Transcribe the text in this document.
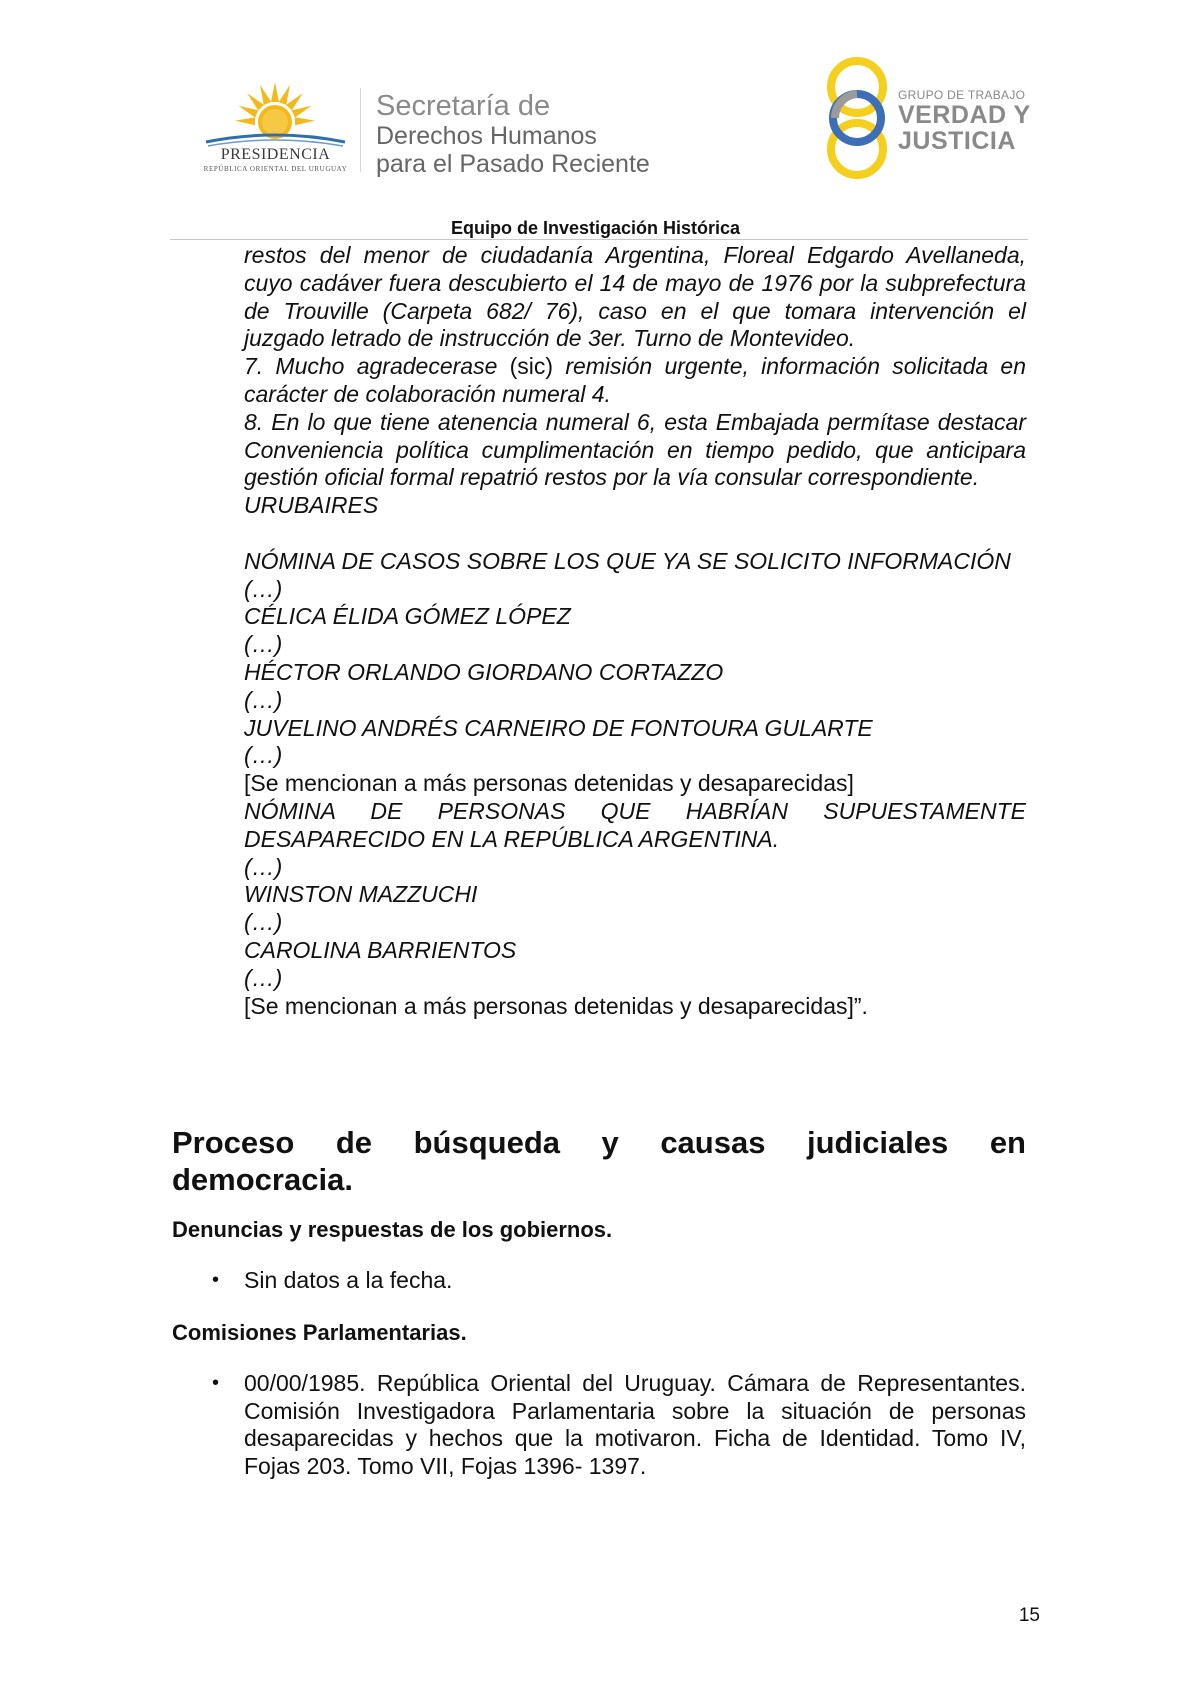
PRESIDENCIA
REPÚBLICA ORIENTAL DEL URUGUAY
Secretaría de
Derechos Humanos
para el Pasado Reciente
GRUPO DE TRABAJO
VERDAD Y
JUSTICIA
Equipo de Investigación Histórica

restos del menor de ciudadanía Argentina, Floreal Edgardo Avellaneda, cuyo cadáver fuera descubierto el 14 de mayo de 1976 por la subprefectura de Trouville (Carpeta 682/ 76), caso en el que tomara intervención el juzgado letrado de instrucción de 3er. Turno de Montevideo.

7. Mucho agradecerase (sic) remisión urgente, información solicitada en carácter de colaboración numeral 4.

8. En lo que tiene atenencia numeral 6, esta Embajada permítase destacar Conveniencia política cumplimentación en tiempo pedido, que anticipara gestión oficial formal repatrió restos por la vía consular correspondiente.

URUBAIRES

NÓMINA DE CASOS SOBRE LOS QUE YA SE SOLICITO INFORMACIÓN

(…)

CÉLICA ÉLIDA GÓMEZ LÓPEZ

(…)

HÉCTOR ORLANDO GIORDANO CORTAZZO

(…)

JUVELINO ANDRÉS CARNEIRO DE FONTOURA GULARTE

(…)

[Se mencionan a más personas detenidas y desaparecidas]

NÓMINA DE PERSONAS QUE HABRÍAN SUPUESTAMENTE DESAPARECIDO EN LA REPÚBLICA ARGENTINA.

(…)

WINSTON MAZZUCHI

(…)

CAROLINA BARRIENTOS

(…)

[Se mencionan a más personas detenidas y desaparecidas]”.

Proceso de búsqueda y causas judiciales en
democracia.
Denuncias y respuestas de los gobiernos.
• Sin datos a la fecha.
Comisiones Parlamentarias.
• 00/00/1985. República Oriental del Uruguay. Cámara de Representantes. Comisión Investigadora Parlamentaria sobre la situación de personas desaparecidas y hechos que la motivaron. Ficha de Identidad. Tomo IV, Fojas 203. Tomo VII, Fojas 1396- 1397.
15
